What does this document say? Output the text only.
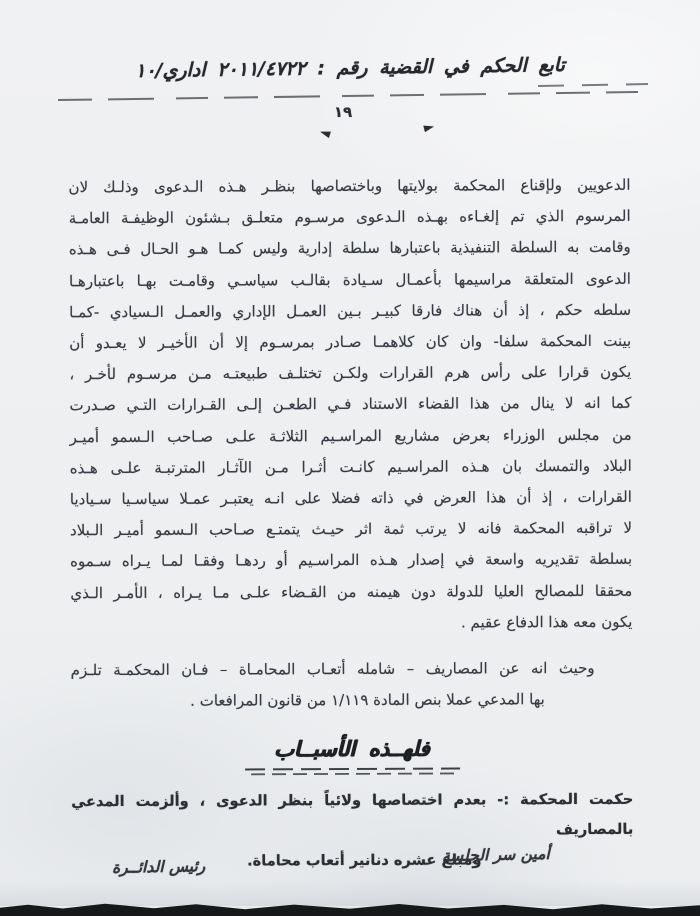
تابع الحكم في القضية رقم : ٢٠١١/٤٧٢٢ اداري/١٠
١٩
◄	►
الدعويين ولإقناع المحكمة بولايتها وباختصاصها بنظـر هـذه الـدعوى وذلـك لان
المرسوم الذي تم إلغـاءه بهـذه الـدعوى مرسـوم متعلـق بـشئون الوظيفـة العامـة
وقامت به السلطة التنفيذية باعتبارها سلطة إدارية وليس كمـا هـو الحـال فـى هـذه
الدعوى المتعلقة مراسيمها بأعمـال سـيادة بقالـب سياسـي وقامـت بهـا باعتبارهـا
سلطه حكم ، إذ أن هناك فارقا كبيـر بـين العمـل الإداري والعمـل الـسيادي -كمـا
بينت المحكمة سلفا- وان كان كلاهمـا صـادر بمرسـوم إلا أن الأخيـر لا يعـدو أن
يكون قرارا على رأس هرم القرارات ولكـن تختلـف طبيعتـه مـن مرسـوم لأخـر ،
كما انه لا ينال من هذا القضاء الاستناد فـي الطعـن إلـى القـرارات التـي صـدرت
من مجلس الوزراء بعرض مشاريع المراسـيم الثلاثـة علـى صـاحب الـسمو أميـر
البلاد والتمسك بان هـذه المراسـيم كانـت أثـرا مـن الآثـار المترتبـة علـى هـذه
القرارات ، إذ أن هذا العرض في ذاته فضلا على انـه يعتبـر عمـلا سياسـيا سـياديا
لا تراقبه المحكمة فانه لا يرتب ثمة اثر حيـث يتمتـع صـاحب الـسمو أميـر الـبلاد
بسلطة تقديريه واسعة في إصدار هـذه المراسـيم أو ردهـا وفقـا لمـا يـراه سـموه
محققا للمصالح العليا للدولة دون هيمنه من القـضاء علـى مـا يـراه ، الأمـر الـذي
يكون معه هذا الدفاع عقيم .
وحيث انه عن المصاريف – شامله أتعـاب المحامـاة – فـان المحكمـة تلـزم
بها المدعي عملا بنص المادة ١/١١٩ من قانون المرافعات .
فلهــذه الأسبــاب
حكمت المحكمة :- بعدم اختصاصها ولائياً بنظر الدعوى ، وألزمت المدعي بالمصاريف
ومبلغ عشره دنانير أتعاب محاماة.
أمين سر الجلسة
رئيس الدائــرة
